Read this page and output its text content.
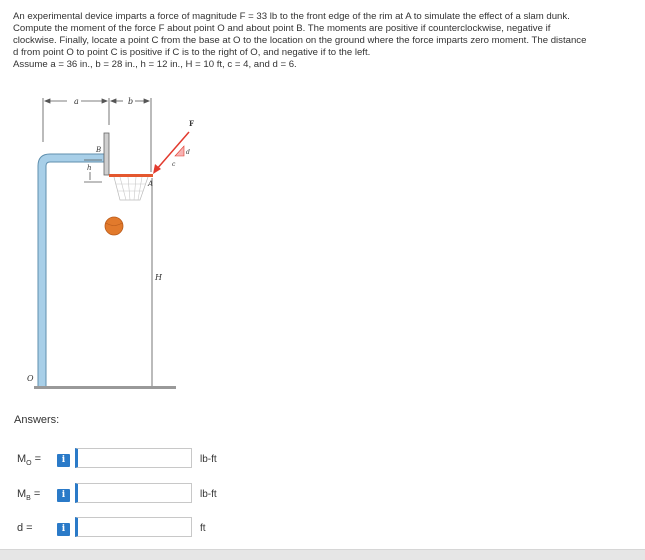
An experimental device imparts a force of magnitude F = 33 lb to the front edge of the rim at A to simulate the effect of a slam dunk.

Compute the moment of the force F about point O and about point B. The moments are positive if counterclockwise, negative if

clockwise. Finally, locate a point C from the base at O to the location on the ground where the force imparts zero moment. The distance

d from point O to point C is positive if C is to the right of O, and negative if to the left.

Assume a = 36 in., b = 28 in., h = 12 in., H = 10 ft, c = 4, and d = 6.

a	b
B
h
A
F
d
c
H
O
Answers:
$M_O$ =	i	lb-ft
$M_B$ =	i	lb-ft
d =	i	ft
